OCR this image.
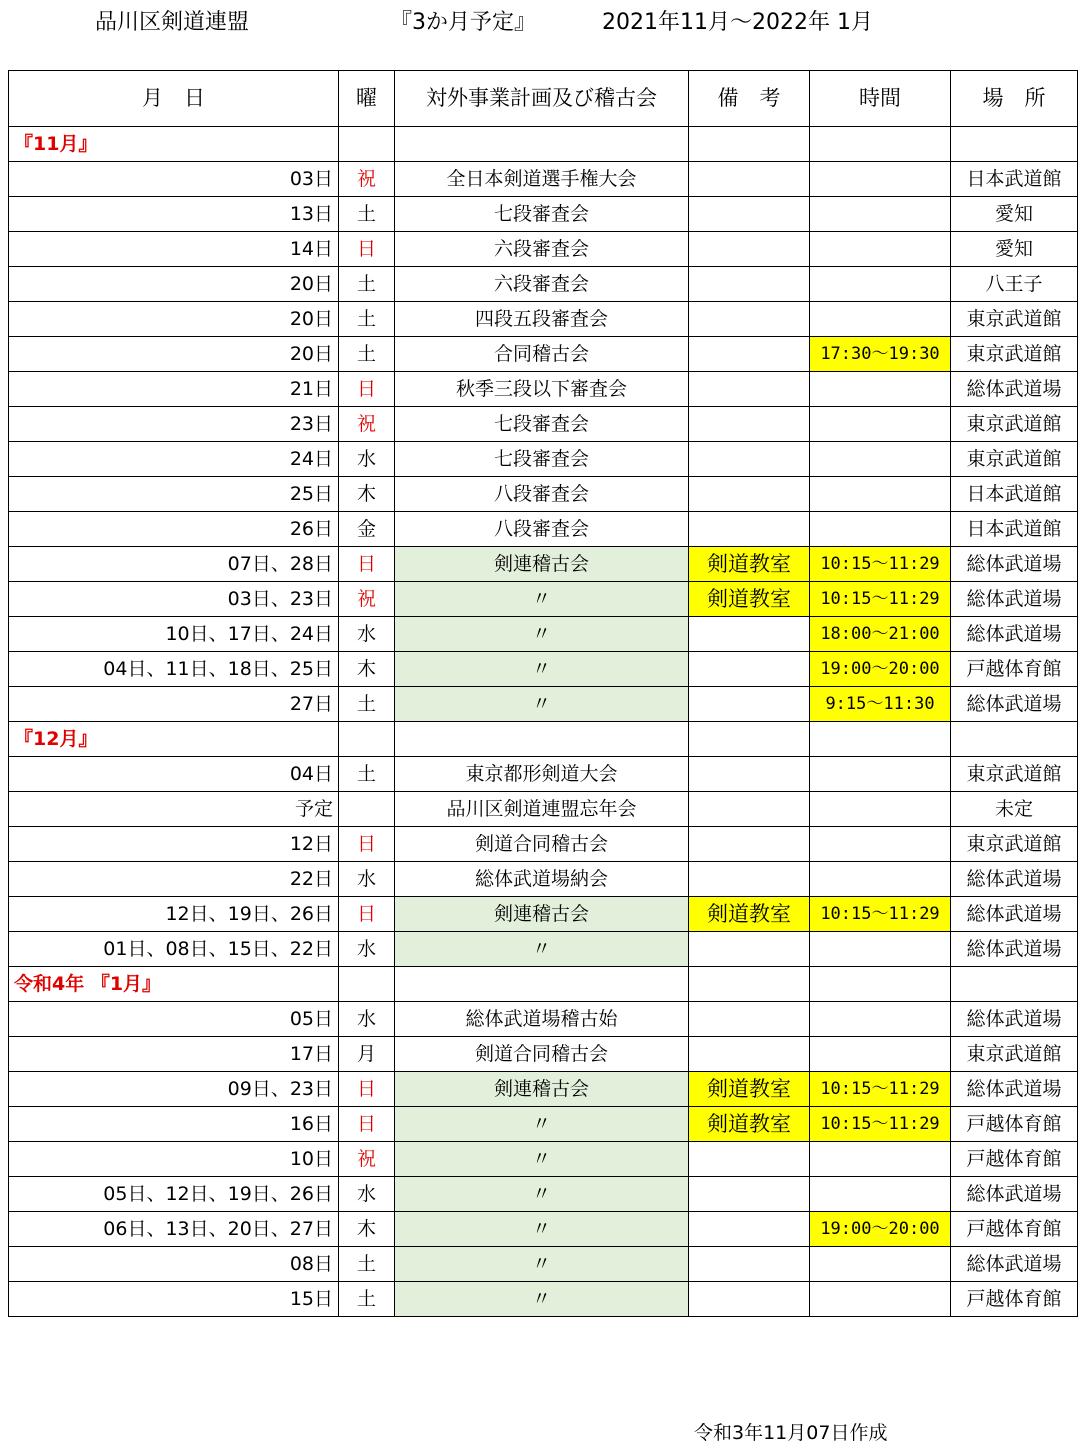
品川区剣道連盟	『3か月予定』	2021年11月～2022年 1月
月　日	曜	対外事業計画及び稽古会	備　考	時間	場　所
『11月』					
03日	祝	全日本剣道選手権大会			日本武道館
13日	土	七段審査会			愛知
14日	日	六段審査会			愛知
20日	土	六段審査会			八王子
20日	土	四段五段審査会			東京武道館
20日	土	合同稽古会		17:30～19:30	東京武道館
21日	日	秋季三段以下審査会			総体武道場
23日	祝	七段審査会			東京武道館
24日	水	七段審査会			東京武道館
25日	木	八段審査会			日本武道館
26日	金	八段審査会			日本武道館
07日、28日	日	剣連稽古会	剣道教室	10:15～11:29	総体武道場
03日、23日	祝	〃	剣道教室	10:15～11:29	総体武道場
10日、17日、24日	水	〃		18:00～21:00	総体武道場
04日、11日、18日、25日	木	〃		19:00～20:00	戸越体育館
27日	土	〃		9:15～11:30	総体武道場
『12月』					
04日	土	東京都形剣道大会			東京武道館
予定		品川区剣道連盟忘年会			未定
12日	日	剣道合同稽古会			東京武道館
22日	水	総体武道場納会			総体武道場
12日、19日、26日	日	剣連稽古会	剣道教室	10:15～11:29	総体武道場
01日、08日、15日、22日	水	〃			総体武道場
令和4年 『1月』					
05日	水	総体武道場稽古始			総体武道場
17日	月	剣道合同稽古会			東京武道館
09日、23日	日	剣連稽古会	剣道教室	10:15～11:29	総体武道場
16日	日	〃	剣道教室	10:15～11:29	戸越体育館
10日	祝	〃			戸越体育館
05日、12日、19日、26日	水	〃			総体武道場
06日、13日、20日、27日	木	〃		19:00～20:00	戸越体育館
08日	土	〃			総体武道場
15日	土	〃			戸越体育館
令和3年11月07日作成
